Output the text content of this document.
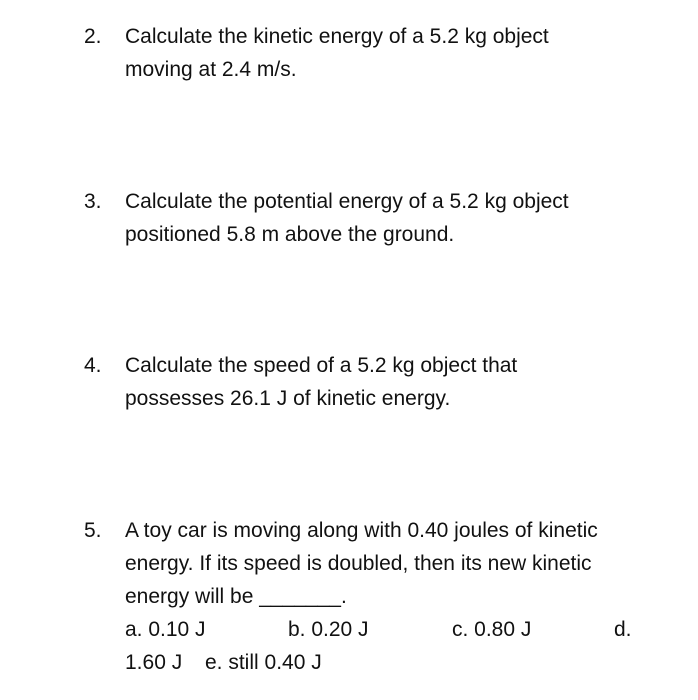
2. Calculate the kinetic energy of a 5.2 kg object
moving at 2.4 m/s.
3. Calculate the potential energy of a 5.2 kg object
positioned 5.8 m above the ground.
4. Calculate the speed of a 5.2 kg object that
possesses 26.1 J of kinetic energy.
5. A toy car is moving along with 0.40 joules of kinetic
energy. If its speed is doubled, then its new kinetic
energy will be _______.
a. 0.10 J	b. 0.20 J	c. 0.80 J	d.
1.60 J e. still 0.40 J
